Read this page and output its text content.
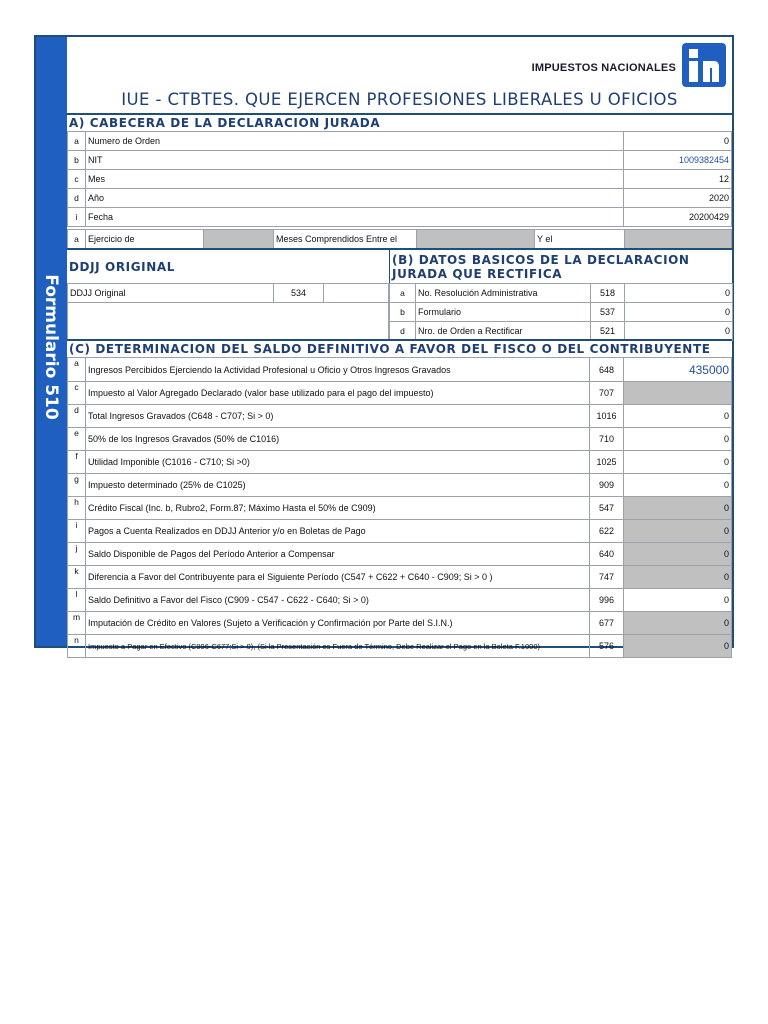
Formulario 510
IMPUESTOS NACIONALES
IUE - CTBTES. QUE EJERCEN PROFESIONES LIBERALES U OFICIOS
A) CABECERA DE LA DECLARACION JURADA
a	Numero de Orden	0
b	NIT	1009382454
c	Mes	12
d	Año	2020
i	Fecha	20200429
a	Ejercicio de		Meses Comprendidos Entre el		Y el	
DDJJ ORIGINAL	(B) DATOS BASICOS DE LA DECLARACION
JURADA QUE RECTIFICA
DDJJ Original	534		a	No. Resolución Administrativa	518	0
b	Formulario	537	0
d	Nro. de Orden a Rectificar	521	0
(C) DETERMINACION DEL SALDO DEFINITIVO A FAVOR DEL FISCO O DEL CONTRIBUYENTE
a	Ingresos Percibidos Ejerciendo la Actividad Profesional u Oficio y Otros Ingresos Gravados	648	435000
c	Impuesto al Valor Agregado Declarado (valor base utilizado para el pago del impuesto)	707	
d	Total Ingresos Gravados (C648 - C707; Si > 0)	1016	0
e	50% de los Ingresos Gravados (50% de C1016)	710	0
f	Utilidad Imponible (C1016 - C710; Si >0)	1025	0
g	Impuesto determinado (25% de C1025)	909	0
h	Crédito Fiscal (Inc. b, Rubro2, Form.87; Máximo Hasta el 50% de C909)	547	0
i	Pagos a Cuenta Realizados en DDJJ Anterior y/o en Boletas de Pago	622	0
j	Saldo Disponible de Pagos del Período Anterior a Compensar	640	0
k	Diferencia a Favor del Contribuyente para el Siguiente Período (C547 + C622 + C640 - C909; Si > 0 )	747	0
l	Saldo Definitivo a Favor del Fisco (C909 - C547 - C622 - C640; Si > 0)	996	0
m	Imputación de Crédito en Valores (Sujeto a Verificación y Confirmación por Parte del S.I.N.)	677	0
n	Impuesto a Pagar en Efectivo (C996-C677;Si > 0), (Si la Presentación es Fuera de Término, Debe Realizar el Pago en la Boleta F.1000)	576	0
